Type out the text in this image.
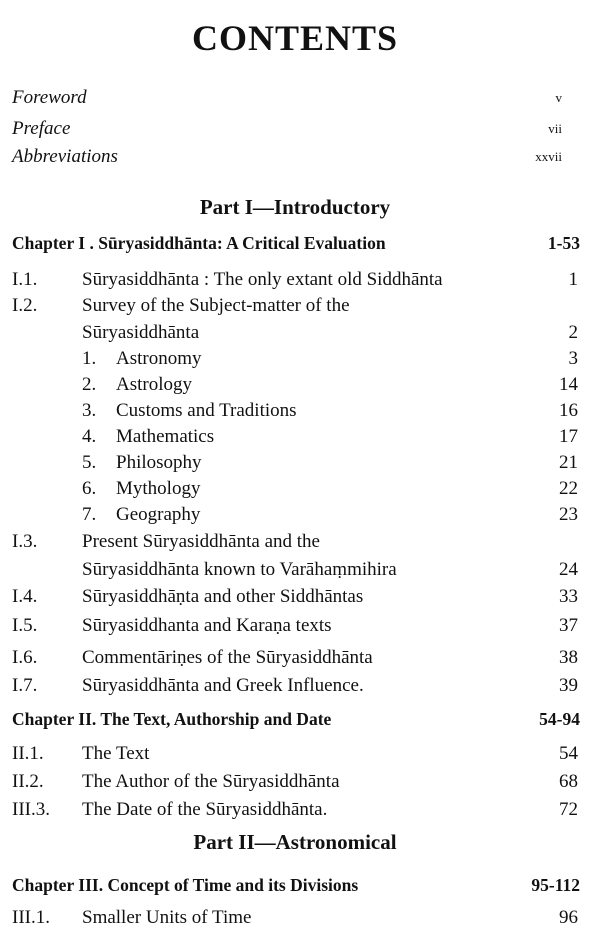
CONTENTS
Foreword	v
Preface	vii
Abbreviations	xxvii
Part I—Introductory
Chapter I . Sūryasiddhānta: A Critical Evaluation	1-53
I.1. Sūryasiddhānta : The only extant old Siddhānta	1
I.2. Survey of the Subject-matter of the
Sūryasiddhānta	2
1. Astronomy	3
2. Astrology	14
3. Customs and Traditions	16
4. Mathematics	17
5. Philosophy	21
6. Mythology	22
7. Geography	23
I.3. Present Sūryasiddhānta and the
Sūryasiddhānta known to Varāhaṃmihira	24
I.4. Sūryasiddhāṇta and other Siddhāntas	33
I.5. Sūryasiddhanta and Karaṇa texts	37
I.6. Commentāriṇes of the Sūryasiddhānta	38
I.7. Sūryasiddhānta and Greek Influence.	39
Chapter II. The Text, Authorship and Date	54-94
II.1. The Text	54
II.2. The Author of the Sūryasiddhānta	68
III.3. The Date of the Sūryasiddhānta.	72
Part II—Astronomical
Chapter III. Concept of Time and its Divisions	95-112
III.1. Smaller Units of Time	96
